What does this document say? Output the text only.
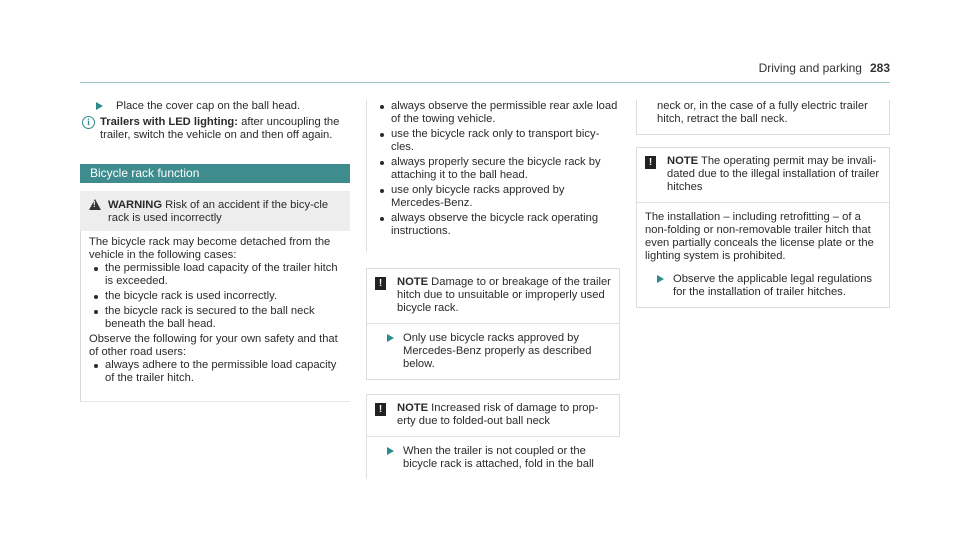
Driving and parking 283
Place the cover cap on the ball head.
i Trailers with LED lighting: after uncoupling the trailer, switch the vehicle on and then off again.
Bicycle rack function
!
WARNING Risk of an accident if the bicy-cle rack is used incorrectly
The bicycle rack may become detached from the vehicle in the following cases:
the permissible load capacity of the trailer hitch is exceeded.
the bicycle rack is used incorrectly.
the bicycle rack is secured to the ball neck beneath the ball head.
Observe the following for your own safety and that of other road users:
always adhere to the permissible load capacity of the trailer hitch.
always observe the permissible rear axle load of the towing vehicle.
use the bicycle rack only to transport bicy-cles.
always properly secure the bicycle rack by attaching it to the ball head.
use only bicycle racks approved by Mercedes-Benz.
always observe the bicycle rack operating instructions.
!	NOTE Damage to or breakage of the trailer hitch due to unsuitable or improperly used bicycle rack.
Only use bicycle racks approved by Mercedes-Benz properly as described below.
!	NOTE Increased risk of damage to prop-erty due to folded-out ball neck
When the trailer is not coupled or the bicycle rack is attached, fold in the ball
neck or, in the case of a fully electric trailer hitch, retract the ball neck.
!	NOTE The operating permit may be invali-dated due to the illegal installation of trailer hitches
The installation – including retrofitting – of a non-folding or non-removable trailer hitch that even partially conceals the license plate or the lighting system is prohibited.
Observe the applicable legal regulations for the installation of trailer hitches.
